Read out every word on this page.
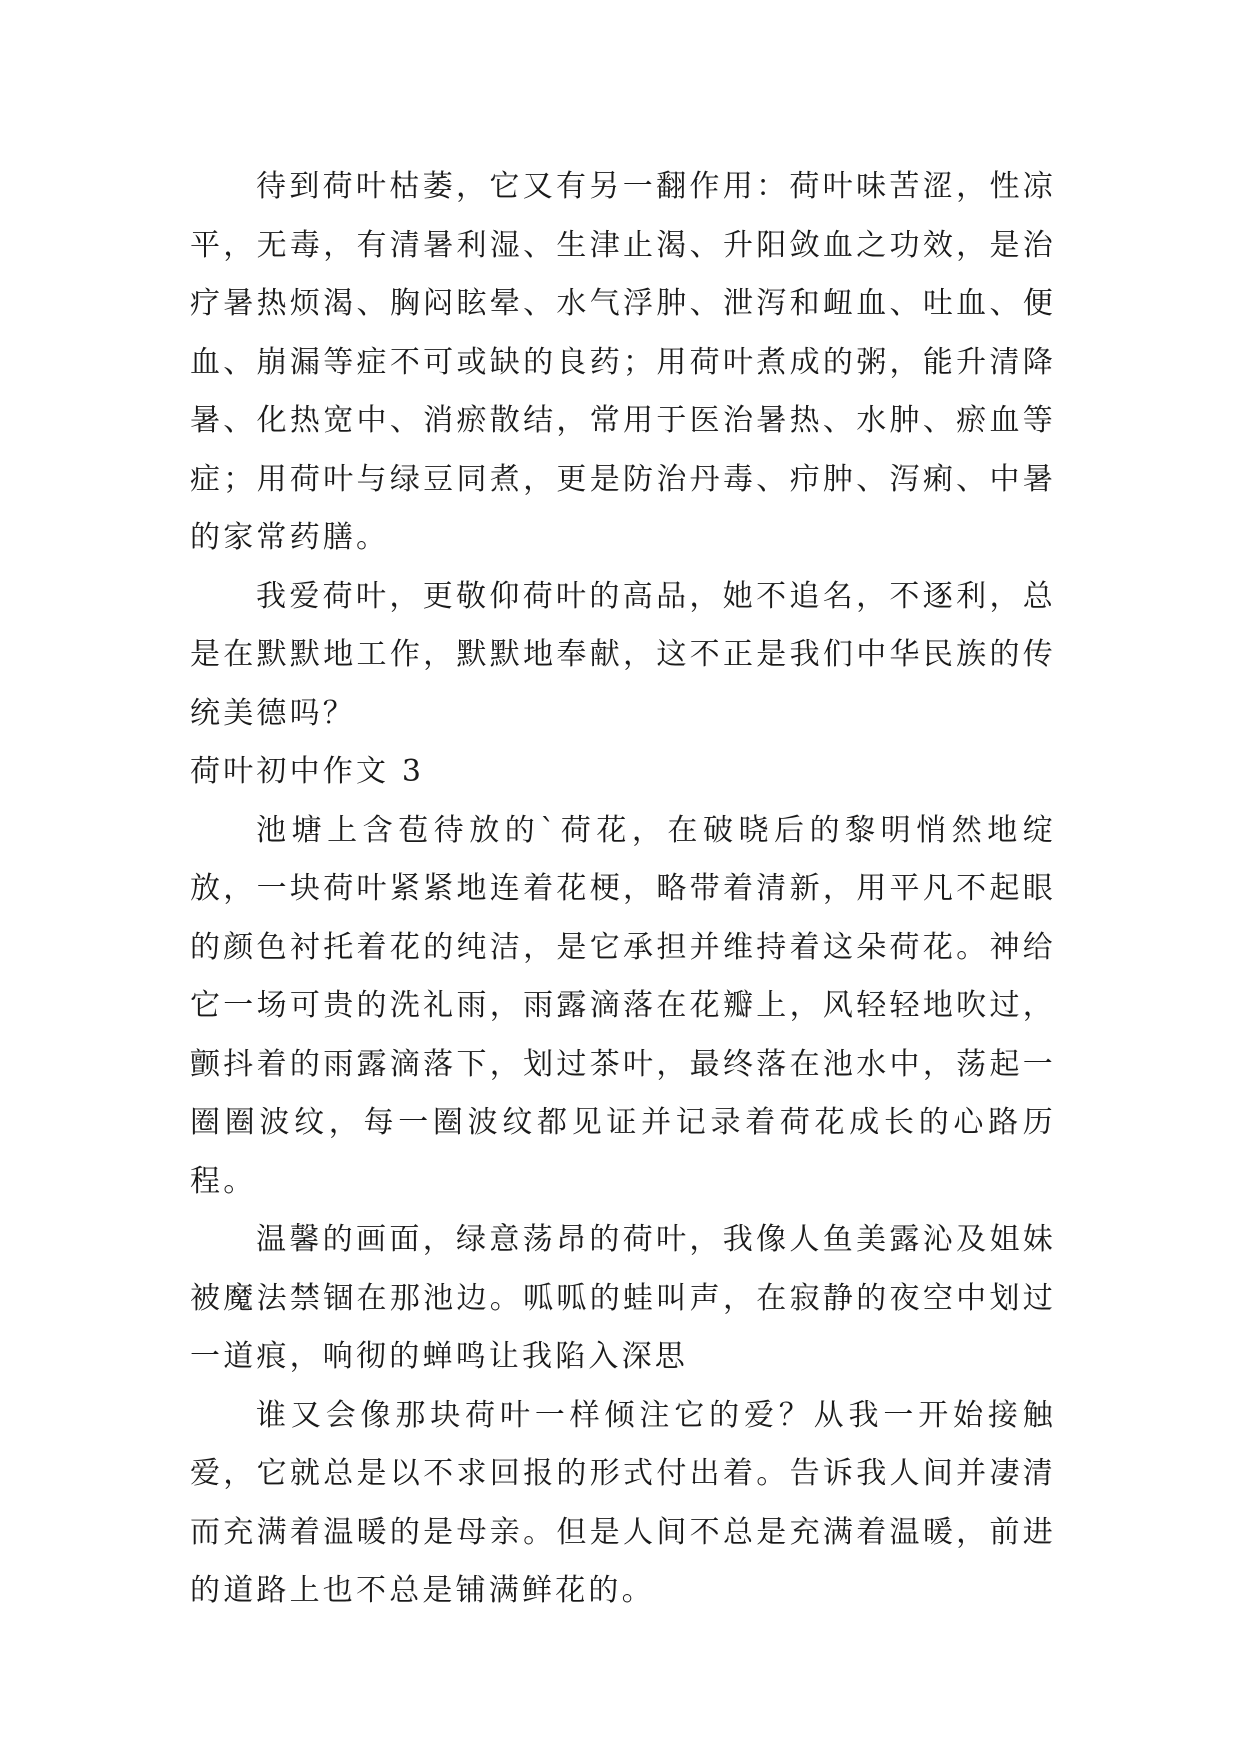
待到荷叶枯萎，它又有另一翻作用：荷叶味苦涩，性凉平，无毒，有清暑利湿、生津止渴、升阳敛血之功效，是治疗暑热烦渴、胸闷眩晕、水气浮肿、泄泻和衄血、吐血、便血、崩漏等症不可或缺的良药；用荷叶煮成的粥，能升清降暑、化热宽中、消瘀散结，常用于医治暑热、水肿、瘀血等症；用荷叶与绿豆同煮，更是防治丹毒、疖肿、泻痢、中暑的家常药膳。

我爱荷叶，更敬仰荷叶的高品，她不追名，不逐利，总是在默默地工作，默默地奉献，这不正是我们中华民族的传统美德吗？

荷叶初中作文 3

池塘上含苞待放的`荷花，在破晓后的黎明悄然地绽放，一块荷叶紧紧地连着花梗，略带着清新，用平凡不起眼的颜色衬托着花的纯洁，是它承担并维持着这朵荷花。神给它一场可贵的洗礼雨，雨露滴落在花瓣上，风轻轻地吹过，颤抖着的雨露滴落下，划过茶叶，最终落在池水中，荡起一圈圈波纹，每一圈波纹都见证并记录着荷花成长的心路历程。

温馨的画面，绿意荡昂的荷叶，我像人鱼美露沁及姐妹被魔法禁锢在那池边。呱呱的蛙叫声，在寂静的夜空中划过一道痕，响彻的蝉鸣让我陷入深思

谁又会像那块荷叶一样倾注它的爱？从我一开始接触爱，它就总是以不求回报的形式付出着。告诉我人间并凄清而充满着温暖的是母亲。但是人间不总是充满着温暖，前进的道路上也不总是铺满鲜花的。
